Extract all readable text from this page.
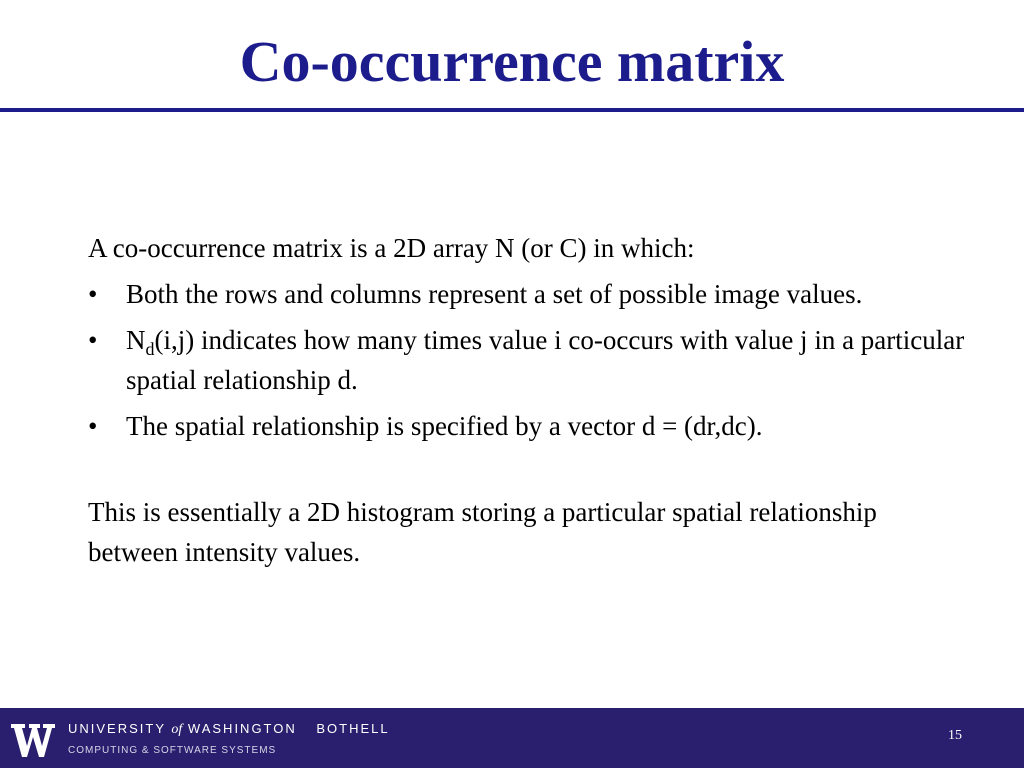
Co-occurrence matrix

A co-occurrence matrix is a 2D array N (or C) in which:

• Both the rows and columns represent a set of possible image values.
• $N_d(i,j)$ indicates how many times value i co-occurs with value j in a particular spatial relationship d.
• The spatial relationship is specified by a vector d = (dr,dc).

This is essentially a 2D histogram storing a particular spatial relationship between intensity values.

UNIVERSITY of WASHINGTON BOTHELL
COMPUTING & SOFTWARE SYSTEMS
15
